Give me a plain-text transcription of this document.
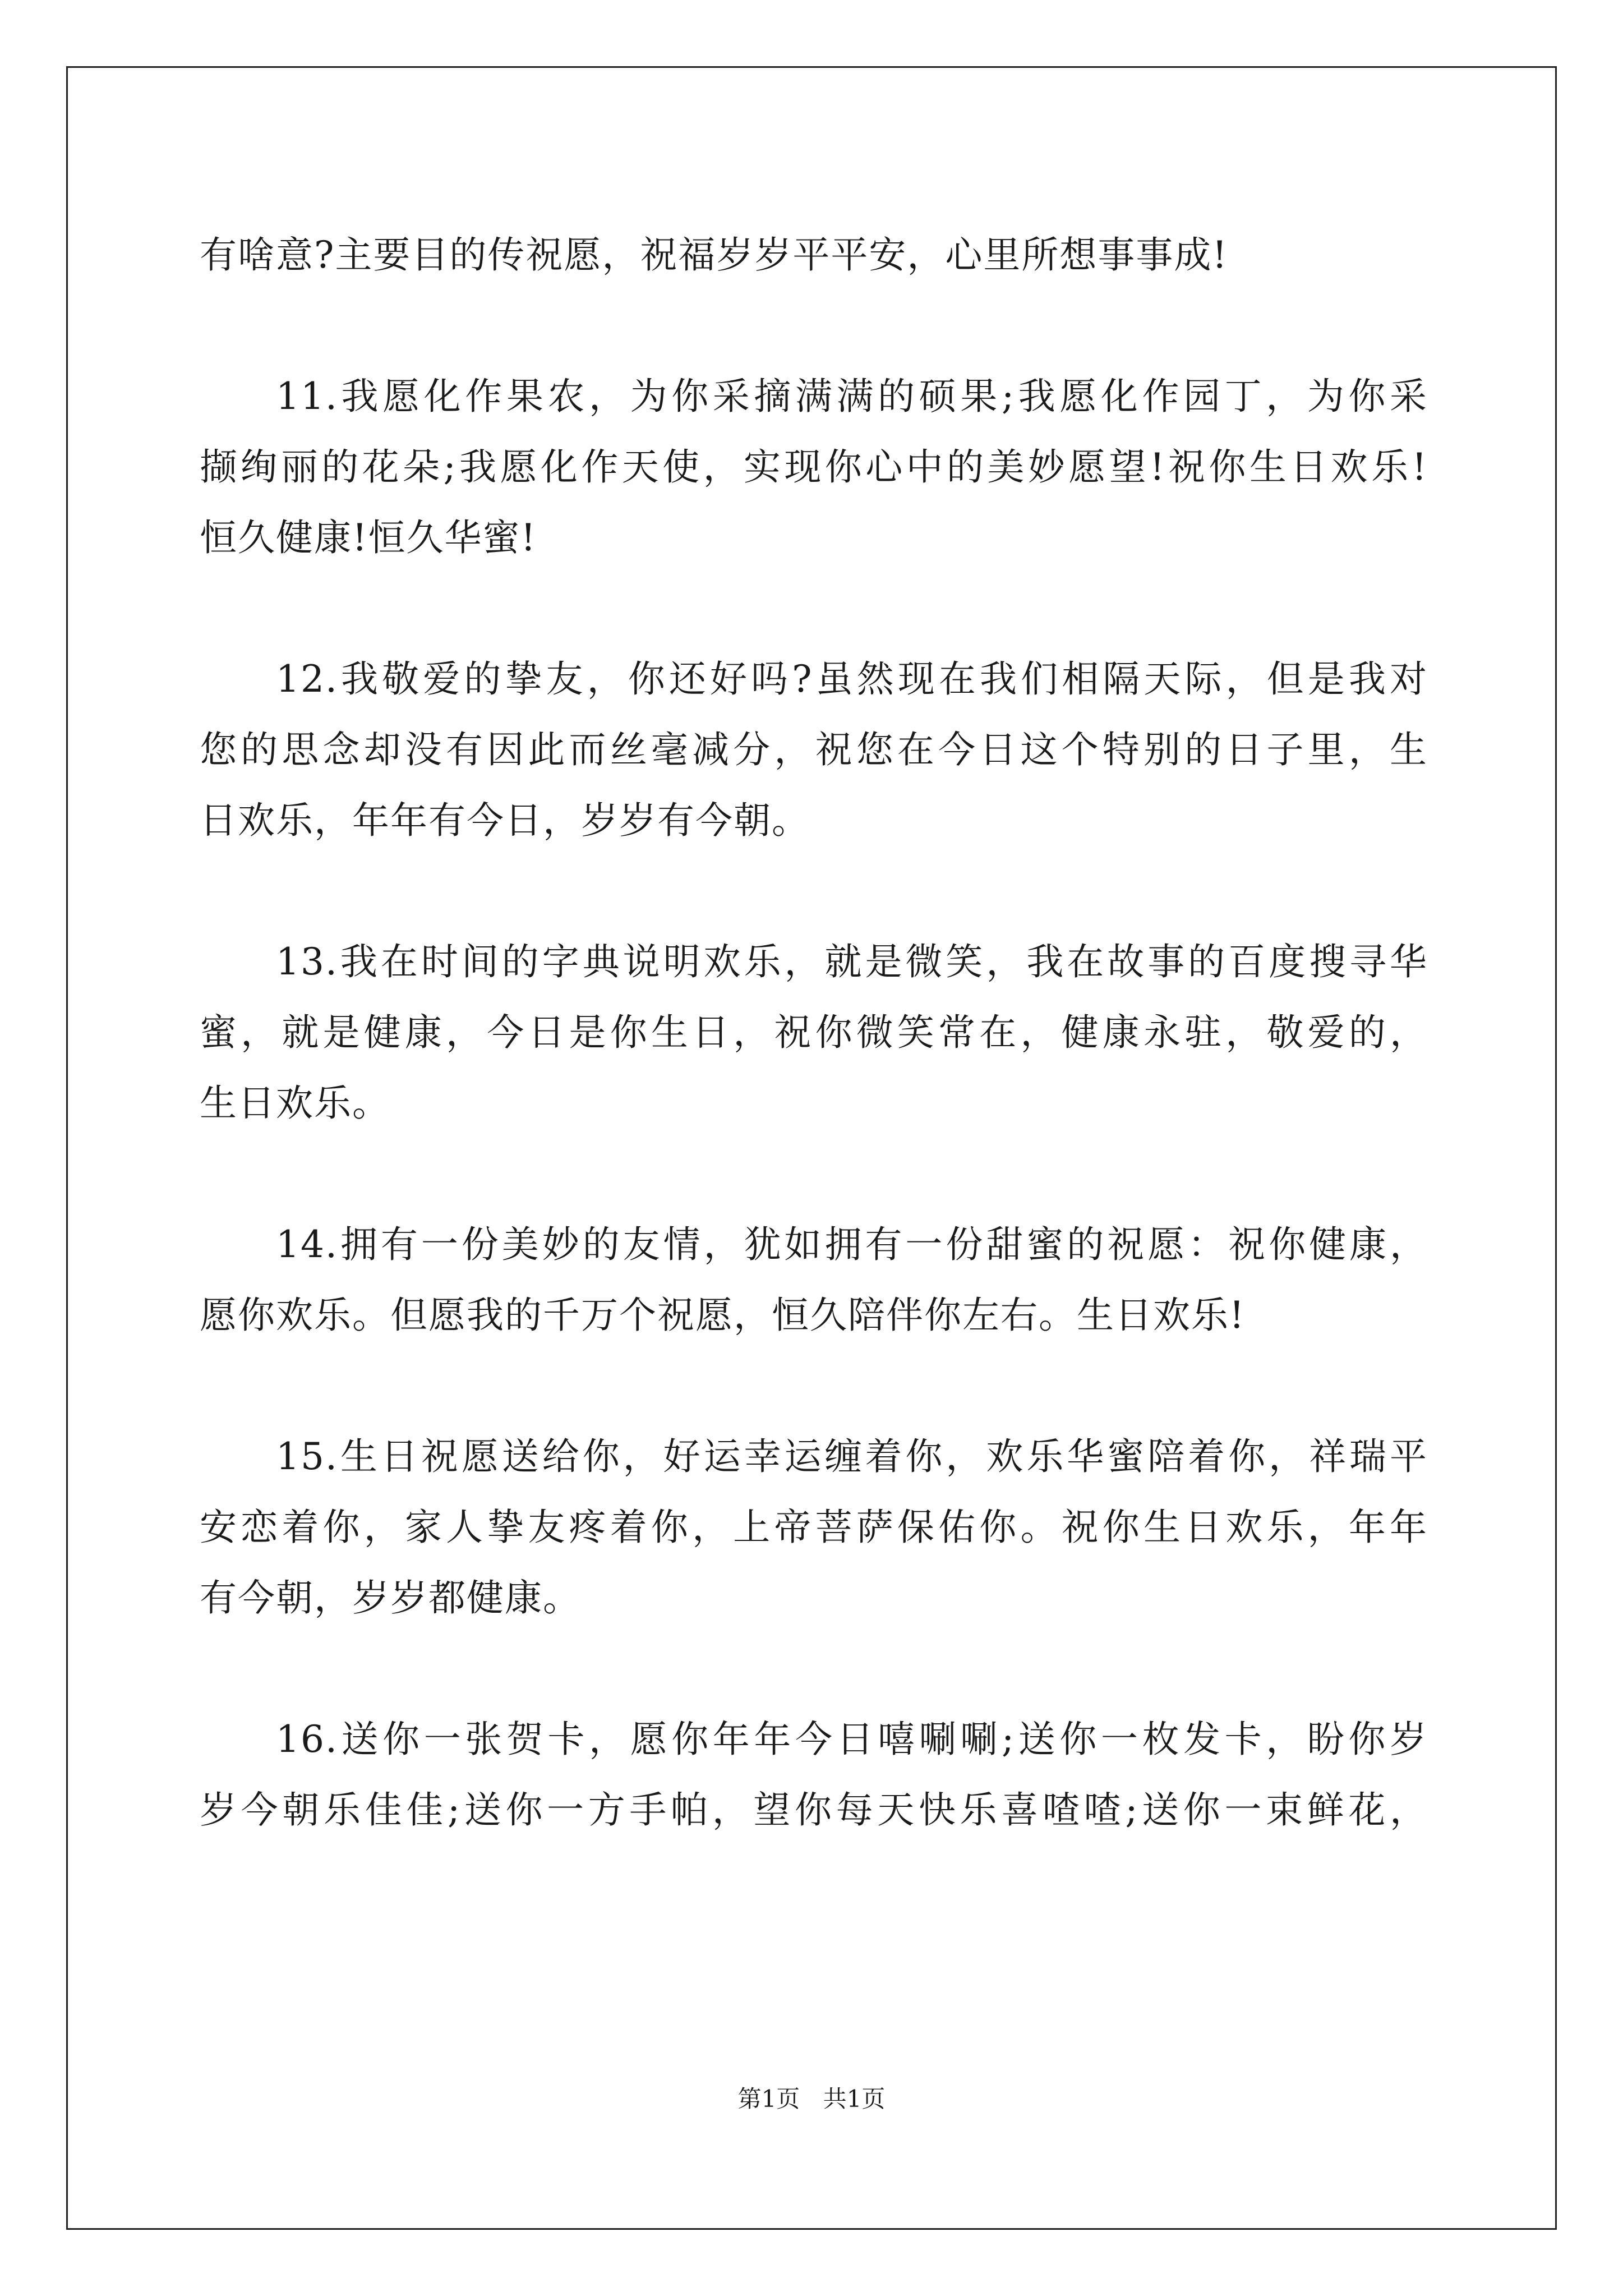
有啥意?主要目的传祝愿，祝福岁岁平平安，心里所想事事成!
11.我愿化作果农，为你采摘满满的硕果;我愿化作园丁，为你采
撷绚丽的花朵;我愿化作天使，实现你心中的美妙愿望!祝你生日欢乐!
恒久健康!恒久华蜜!
12.我敬爱的挚友，你还好吗?虽然现在我们相隔天际，但是我对
您的思念却没有因此而丝毫减分，祝您在今日这个特别的日子里，生
日欢乐，年年有今日，岁岁有今朝。
13.我在时间的字典说明欢乐，就是微笑，我在故事的百度搜寻华
蜜，就是健康，今日是你生日，祝你微笑常在，健康永驻，敬爱的，
生日欢乐。
14.拥有一份美妙的友情，犹如拥有一份甜蜜的祝愿：祝你健康，
愿你欢乐。但愿我的千万个祝愿，恒久陪伴你左右。生日欢乐!
15.生日祝愿送给你，好运幸运缠着你，欢乐华蜜陪着你，祥瑞平
安恋着你，家人挚友疼着你，上帝菩萨保佑你。祝你生日欢乐，年年
有今朝，岁岁都健康。
16.送你一张贺卡，愿你年年今日嘻唰唰;送你一枚发卡，盼你岁
岁今朝乐佳佳;送你一方手帕，望你每天快乐喜喳喳;送你一束鲜花，
第1页 共1页
